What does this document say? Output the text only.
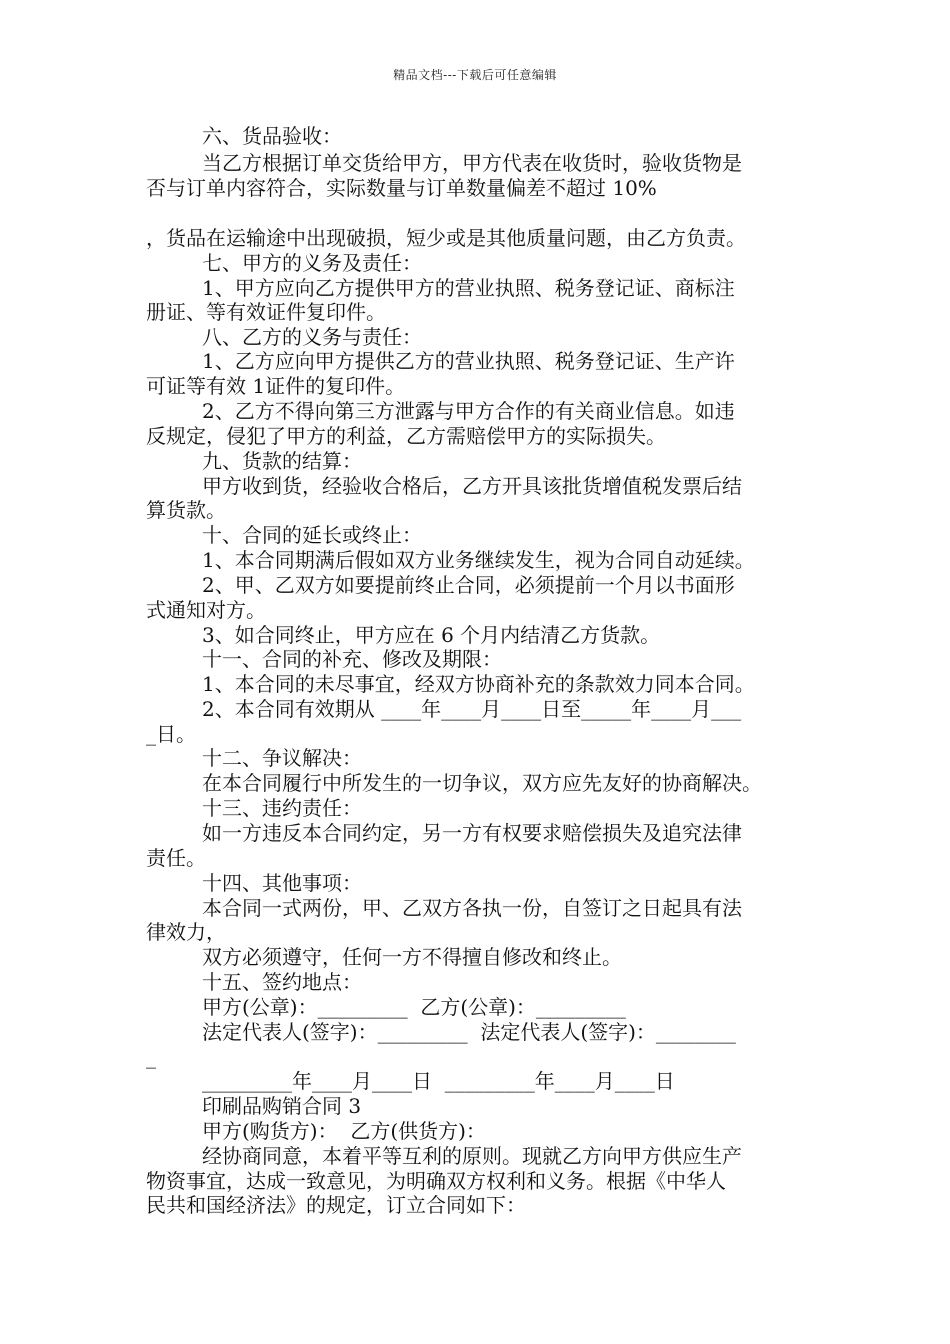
精品文档---下载后可任意编辑
六、货品验收：
当乙方根据订单交货给甲方，甲方代表在收货时，验收货物是
否与订单内容符合，实际数量与订单数量偏差不超过 10%
，货品在运输途中出现破损，短少或是其他质量问题，由乙方负责。
七、甲方的义务及责任：
1、甲方应向乙方提供甲方的营业执照、税务登记证、商标注
册证、等有效证件复印件。
八、乙方的义务与责任：
1、乙方应向甲方提供乙方的营业执照、税务登记证、生产许
可证等有效 1证件的复印件。
2、乙方不得向第三方泄露与甲方合作的有关商业信息。如违
反规定，侵犯了甲方的利益，乙方需赔偿甲方的实际损失。
九、货款的结算：
甲方收到货，经验收合格后，乙方开具该批货增值税发票后结
算货款。
十、合同的延长或终止：
1、本合同期满后假如双方业务继续发生，视为合同自动延续。
2、甲、乙双方如要提前终止合同，必须提前一个月以书面形
式通知对方。
3、如合同终止，甲方应在 6 个月内结清乙方货款。
十一、合同的补充、修改及期限：
1、本合同的未尽事宜，经双方协商补充的条款效力同本合同。
2、本合同有效期从 ____年____月____日至_____年____月___
_日。
十二、争议解决：
在本合同履行中所发生的一切争议，双方应先友好的协商解决。
十三、违约责任：
如一方违反本合同约定，另一方有权要求赔偿损失及追究法律
责任。
十四、其他事项：
本合同一式两份，甲、乙双方各执一份，自签订之日起具有法
律效力，
双方必须遵守，任何一方不得擅自修改和终止。
十五、签约地点：
甲方(公章)：_________  乙方(公章)：_________
法定代表人(签字)：_________  法定代表人(签字)：________
_
_________年____月____日  _________年____月____日
印刷品购销合同 3
甲方(购货方)：  乙方(供货方)：
经协商同意，本着平等互利的原则。现就乙方向甲方供应生产
物资事宜，达成一致意见，为明确双方权利和义务。根据《中华人
民共和国经济法》的规定，订立合同如下：
